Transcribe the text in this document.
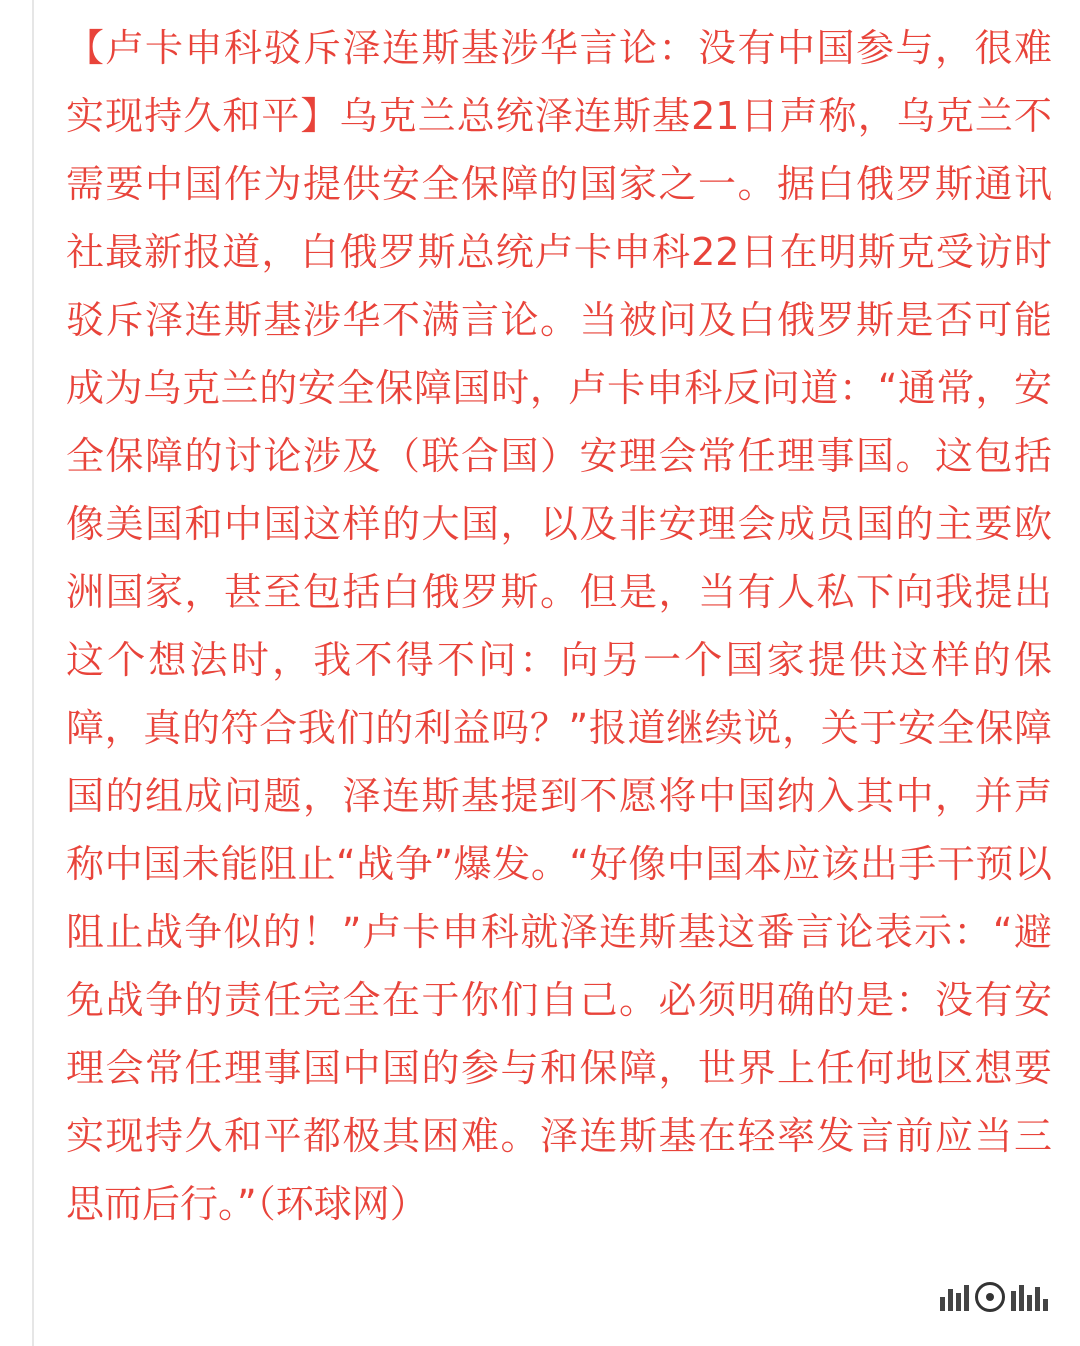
【卢卡申科驳斥泽连斯基涉华言论：没有中国参与，很难实现持久和平】乌克兰总统泽连斯基21日声称，乌克兰不需要中国作为提供安全保障的国家之一。据白俄罗斯通讯社最新报道，白俄罗斯总统卢卡申科22日在明斯克受访时驳斥泽连斯基涉华不满言论。当被问及白俄罗斯是否可能成为乌克兰的安全保障国时，卢卡申科反问道：“通常，安全保障的讨论涉及（联合国）安理会常任理事国。这包括像美国和中国这样的大国，以及非安理会成员国的主要欧洲国家，甚至包括白俄罗斯。但是，当有人私下向我提出这个想法时，我不得不问：向另一个国家提供这样的保障，真的符合我们的利益吗？”报道继续说，关于安全保障国的组成问题，泽连斯基提到不愿将中国纳入其中，并声称中国未能阻止“战争”爆发。“好像中国本应该出手干预以阻止战争似的！”卢卡申科就泽连斯基这番言论表示：“避免战争的责任完全在于你们自己。必须明确的是：没有安理会常任理事国中国的参与和保障，世界上任何地区想要实现持久和平都极其困难。泽连斯基在轻率发言前应当三思而后行。”（环球网）
